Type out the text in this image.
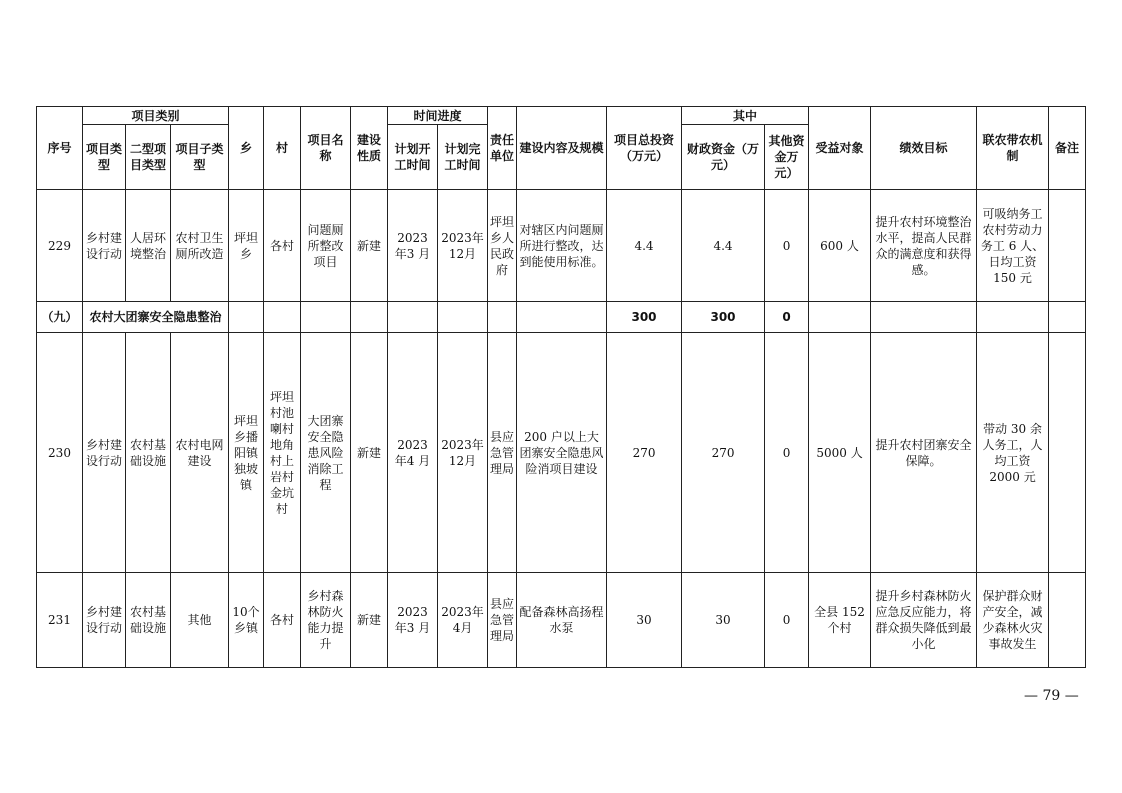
序号	项目类别			乡	村	项目名称	建设性质	时间进度		责任单位	建设内容及规模	项目总投资（万元）	其中		受益对象	绩效目标	联农带农机制	备注
	项目类型	二型项目类型	项目子类型					计划开工时间	计划完工时间				财政资金（万元）	其他资金万元）				
229	乡村建设行动	人居环境整治	农村卫生厕所改造	坪坦乡	各村	问题厕所整改项目	新建	2023 年3 月	2023年 12月	坪坦乡人民政府	对辖区内问题厕所进行整改，达到能使用标准。	4.4	4.4	0	600 人	提升农村环境整治水平，提高人民群众的满意度和获得感。	可吸纳务工农村劳动力务工 6 人、日均工资 150 元	
（九）	农村大团寨安全隐患整治											300	300	0				
230	乡村建设行动	农村基础设施	农村电网建设	坪坦乡播阳镇独坡镇	坪坦村池喇村地角村上岩村金坑村	大团寨安全隐患风险消除工程	新建	2023 年4 月	2023年 12月	县应急管理局	200 户以上大团寨安全隐患风险消项目建设	270	270	0	5000 人	提升农村团寨安全保障。	带动 30 余人务工，人均工资 2000 元	
231	乡村建设行动	农村基础设施	其他	10个乡镇	各村	乡村森林防火能力提升	新建	2023 年3 月	2023年 4月	县应急管理局	配备森林高扬程水泵	30	30	0	全县 152 个村	提升乡村森林防火应急反应能力，将群众损失降低到最小化	保护群众财产安全，减少森林火灾事故发生	
— 79 —
